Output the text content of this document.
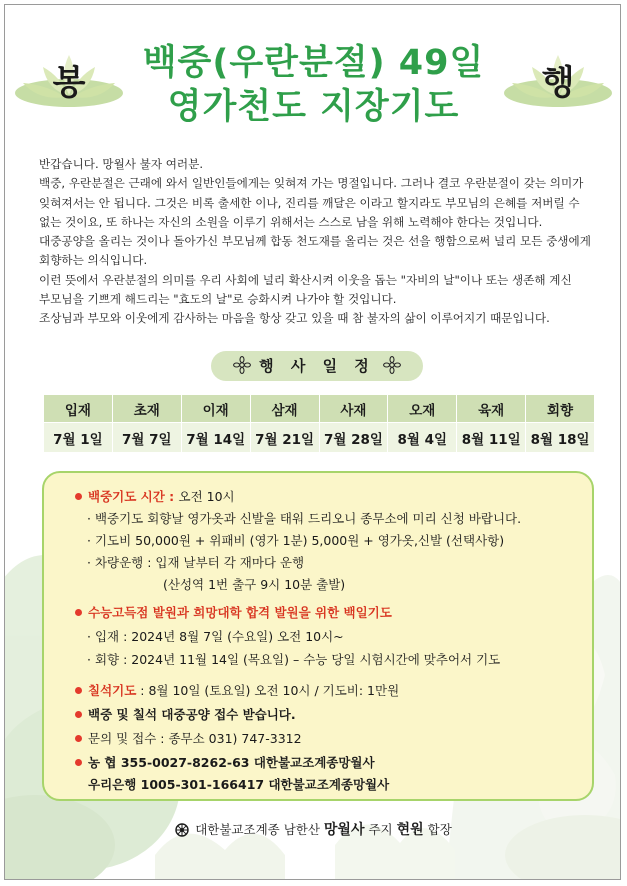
봉	행
백중(우란분절) 49일
영가천도 지장기도

반갑습니다. 망월사 불자 여러분.

백중, 우란분절은 근래에 와서 일반인들에게는 잊혀져 가는 명절입니다. 그러나 결코 우란분절이 갖는 의미가

잊혀져서는 안 됩니다. 그것은 비록 출세한 이나, 진리를 깨달은 이라고 할지라도 부모님의 은혜를 저버릴 수

없는 것이요, 또 하나는 자신의 소원을 이루기 위해서는 스스로 남을 위해 노력해야 한다는 것입니다.

대중공양을 올리는 것이나 돌아가신 부모님께 합동 천도재를 올리는 것은 선을 행함으로써 널리 모든 중생에게

회향하는 의식입니다.

이런 뜻에서 우란분절의 의미를 우리 사회에 널리 확산시켜 이웃을 돕는 "자비의 날"이나 또는 생존해 계신

부모님을 기쁘게 해드리는 "효도의 날"로 승화시켜 나가야 할 것입니다.

조상님과 부모와 이웃에게 감사하는 마음을 항상 갖고 있을 때 참 불자의 삶이 이루어지기 때문입니다.

행 사 일 정
입재	초재	이재	삼재	사재	오재	육재	회향
7월 1일	7월 7일	7월 14일	7월 21일	7월 28일	8월 4일	8월 11일	8월 18일
백중기도 시간 : 오전 10시
· 백중기도 회향날 영가옷과 신발을 태워 드리오니 종무소에 미리 신청 바랍니다.
· 기도비 50,000원 + 위패비 (영가 1분) 5,000원 + 영가옷,신발 (선택사항)
· 차량운행 : 입재 날부터 각 재마다 운행
(산성역 1번 출구 9시 10분 출발)
수능고득점 발원과 희망대학 합격 발원을 위한 백일기도
· 입재 : 2024년 8월 7일 (수요일) 오전 10시~
· 회향 : 2024년 11월 14일 (목요일) – 수능 당일 시험시간에 맞추어서 기도
칠석기도 : 8월 10일 (토요일) 오전 10시 / 기도비: 1만원
백중 및 칠석 대중공양 접수 받습니다.
문의 및 접수 : 종무소 031) 747-3312
농 협 355-0027-8262-63 대한불교조계종망월사
우리은행 1005-301-166417 대한불교조계종망월사
대한불교조계종 남한산 망월사 주지 현원 합장
